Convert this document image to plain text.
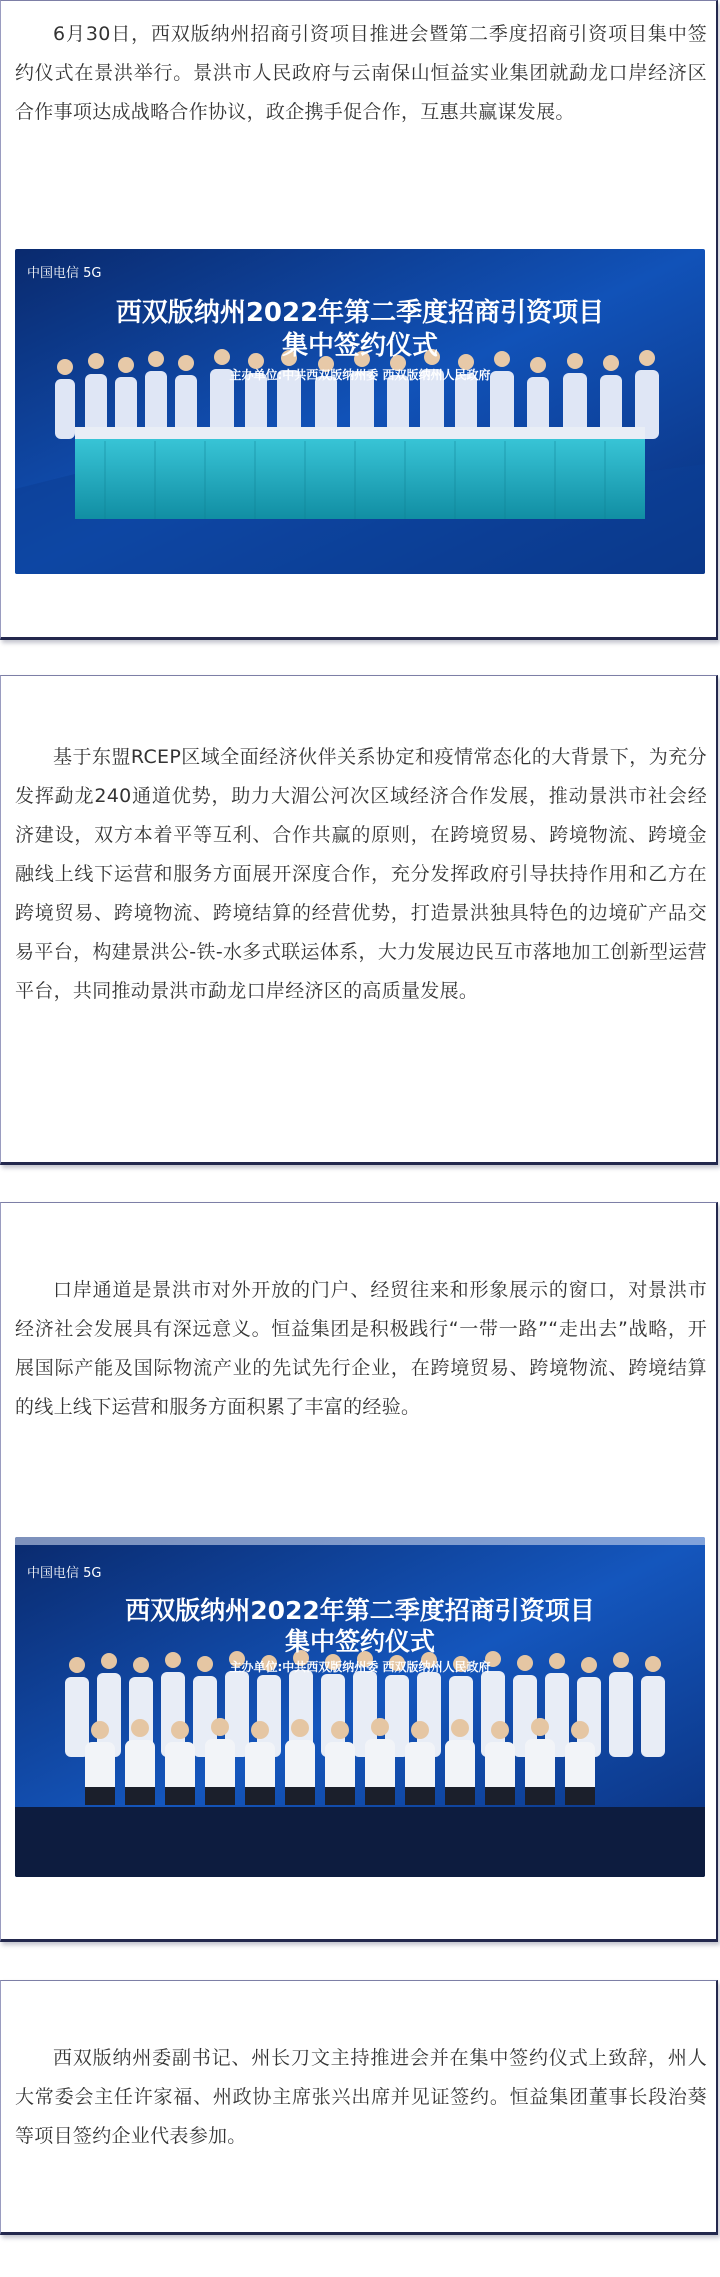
6月30日，西双版纳州招商引资项目推进会暨第二季度招商引资项目集中签约仪式在景洪举行。景洪市人民政府与云南保山恒益实业集团就勐龙口岸经济区合作事项达成战略合作协议，政企携手促合作，互惠共赢谋发展。

中国电信 5G
西双版纳州2022年第二季度招商引资项目
集中签约仪式
主办单位:中共西双版纳州委 西双版纳州人民政府

基于东盟RCEP区域全面经济伙伴关系协定和疫情常态化的大背景下，为充分发挥勐龙240通道优势，助力大湄公河次区域经济合作发展，推动景洪市社会经济建设，双方本着平等互利、合作共赢的原则，在跨境贸易、跨境物流、跨境金融线上线下运营和服务方面展开深度合作，充分发挥政府引导扶持作用和乙方在跨境贸易、跨境物流、跨境结算的经营优势，打造景洪独具特色的边境矿产品交易平台，构建景洪公-铁-水多式联运体系，大力发展边民互市落地加工创新型运营平台，共同推动景洪市勐龙口岸经济区的高质量发展。

口岸通道是景洪市对外开放的门户、经贸往来和形象展示的窗口，对景洪市经济社会发展具有深远意义。恒益集团是积极践行“一带一路”“走出去”战略，开展国际产能及国际物流产业的先试先行企业，在跨境贸易、跨境物流、跨境结算的线上线下运营和服务方面积累了丰富的经验。

中国电信 5G
西双版纳州2022年第二季度招商引资项目
集中签约仪式
主办单位:中共西双版纳州委 西双版纳州人民政府

西双版纳州委副书记、州长刀文主持推进会并在集中签约仪式上致辞，州人大常委会主任许家福、州政协主席张兴出席并见证签约。恒益集团董事长段治葵等项目签约企业代表参加。
